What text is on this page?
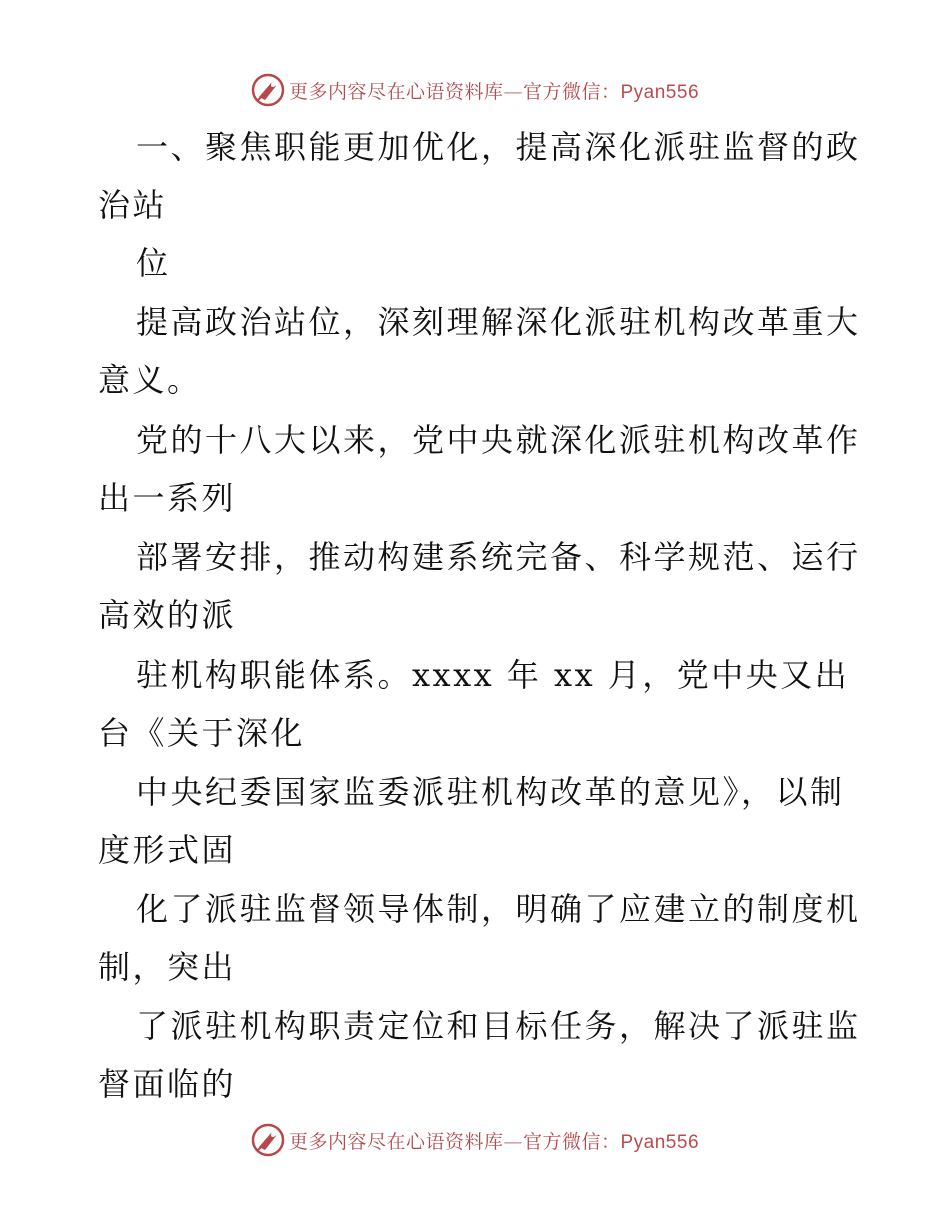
更多内容尽在心语资料库—官方微信：Pyan556
一、聚焦职能更加优化，提高深化派驻监督的政
治站
位
提高政治站位，深刻理解深化派驻机构改革重大
意义。
党的十八大以来，党中央就深化派驻机构改革作
出一系列
部署安排，推动构建系统完备、科学规范、运行
高效的派
驻机构职能体系。xxxx 年 xx 月，党中央又出
台《关于深化
中央纪委国家监委派驻机构改革的意见》，以制
度形式固
化了派驻监督领导体制，明确了应建立的制度机
制，突出
了派驻机构职责定位和目标任务，解决了派驻监
督面临的
更多内容尽在心语资料库—官方微信：Pyan556
